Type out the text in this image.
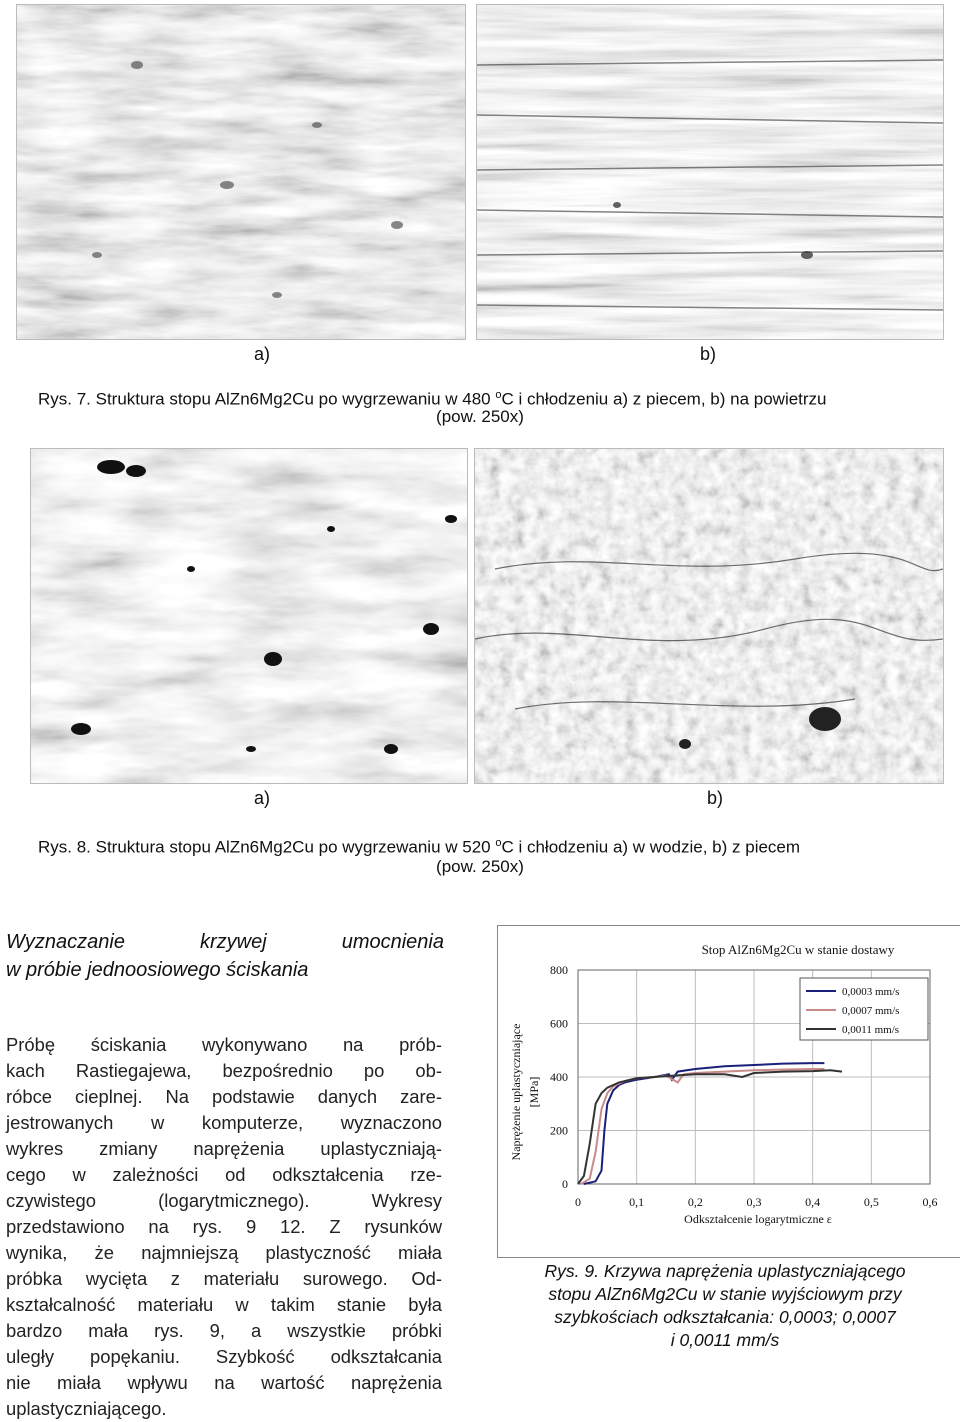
a)	b)
Rys. 7. Struktura stopu AlZn6Mg2Cu po wygrzewaniu w 480 $^o$C i chłodzeniu a) z piecem, b) na powietrzu
(pow. 250x)
a)	b)
Rys. 8. Struktura stopu AlZn6Mg2Cu po wygrzewaniu w 520 $^o$C i chłodzeniu a) w wodzie, b) z piecem
(pow. 250x)
Wyznaczanie	krzywej	umocnienia
w próbie jednoosiowego ściskania
Próbę ściskania wykonywano na prób-
kach Rastiegajewa, bezpośrednio po ob-
róbce cieplnej. Na podstawie danych zare-
jestrowanych w komputerze, wyznaczono
wykres zmiany naprężenia uplastyczniają-
cego w zależności od odkształcenia rze-
czywistego (logarytmicznego). Wykresy
przedstawiono na rys. 9 12. Z rysunków
wynika, że najmniejszą plastyczność miała
próbka wycięta z materiału surowego. Od-
kształcalność materiału w takim stanie była
bardzo mała rys. 9, a wszystkie próbki
uległy popękaniu. Szybkość odkształcania
nie miała wpływu na wartość naprężenia
uplastyczniającego.
Stop AlZn6Mg2Cu w stanie dostawy
Naprężenie uplastyczniające [MPa]
Odkształcenie logarytmiczne ε
0	0,1	0,2	0,3	0,4	0,5	0,6
0
200
400
600
800
0,0003 mm/s
0,0007 mm/s
0,0011 mm/s
Rys. 9. Krzywa naprężenia uplastyczniającego
stopu AlZn6Mg2Cu w stanie wyjściowym przy
szybkościach odkształcania: 0,0003; 0,0007
i 0,0011 mm/s
